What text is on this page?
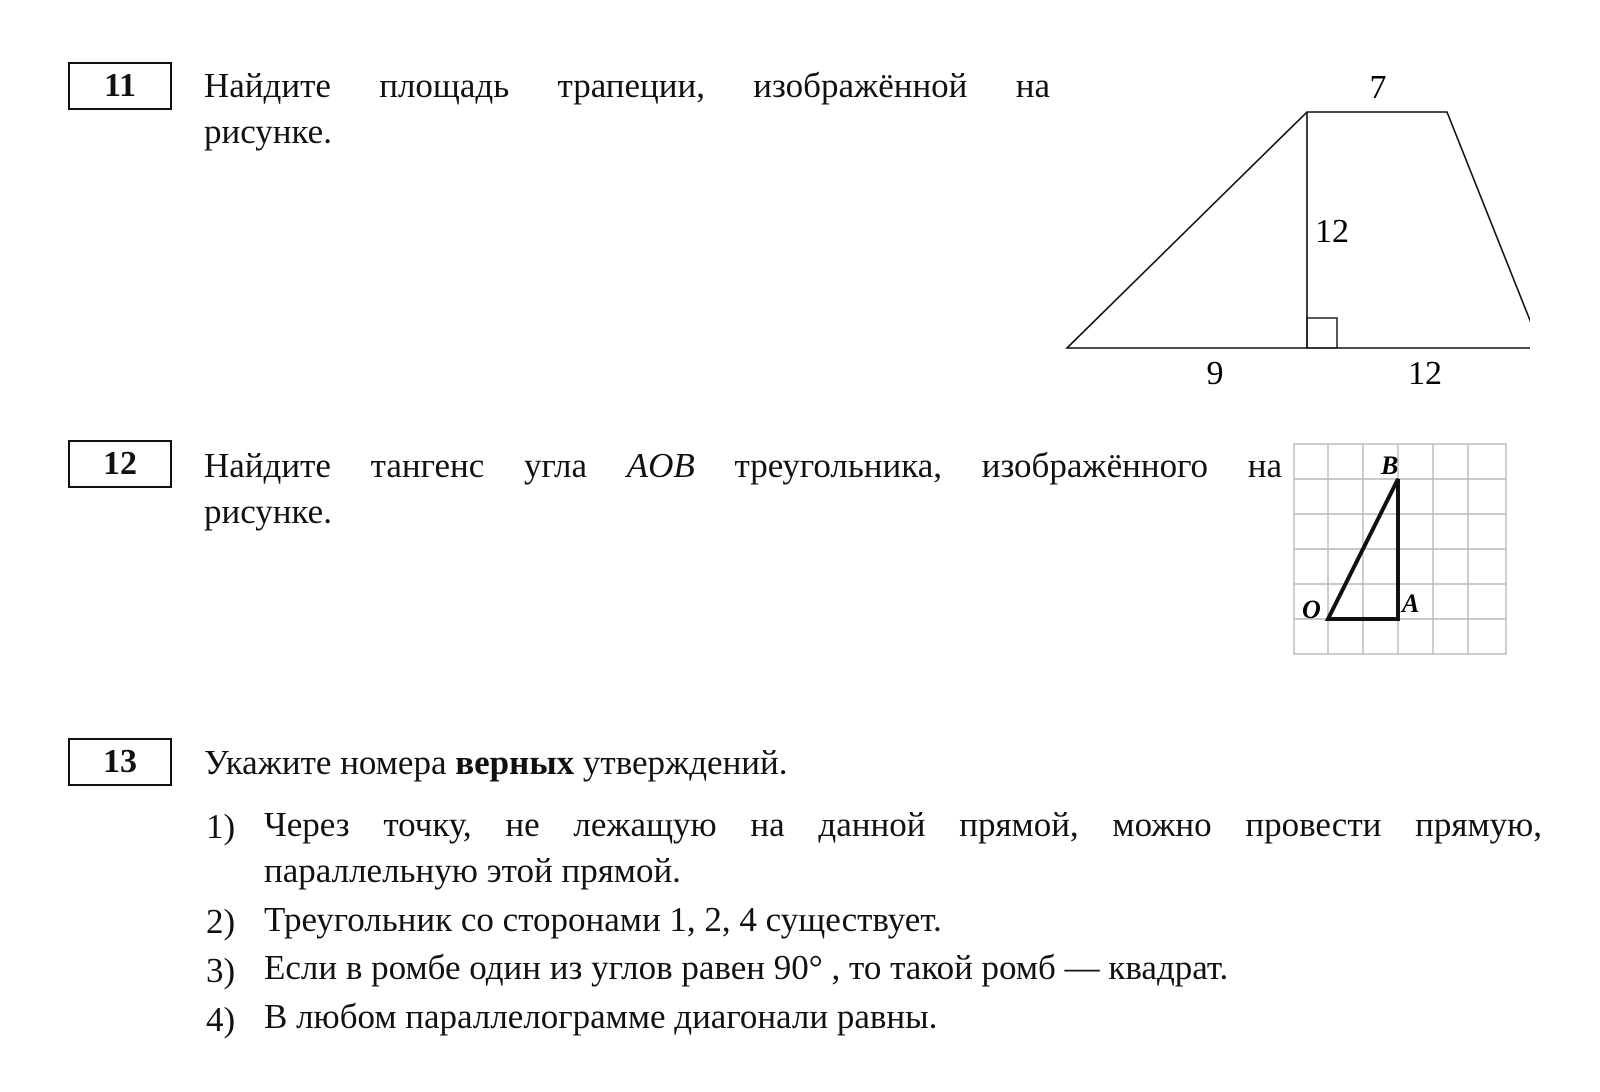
11	Найдите площадь трапеции, изображённой на

рисунке.

7
12
9	12
12	Найдите тангенс угла AOB треугольника, изображённого на

рисунке.

B
O	A
13	Укажите номера верных утверждений.

1) Через точку, не лежащую на данной прямой, можно провести прямую,
параллельную этой прямой.
2) Треугольник со сторонами 1, 2, 4 существует.
3) Если в ромбе один из углов равен 90° , то такой ромб — квадрат.
4) В любом параллелограмме диагонали равны.
